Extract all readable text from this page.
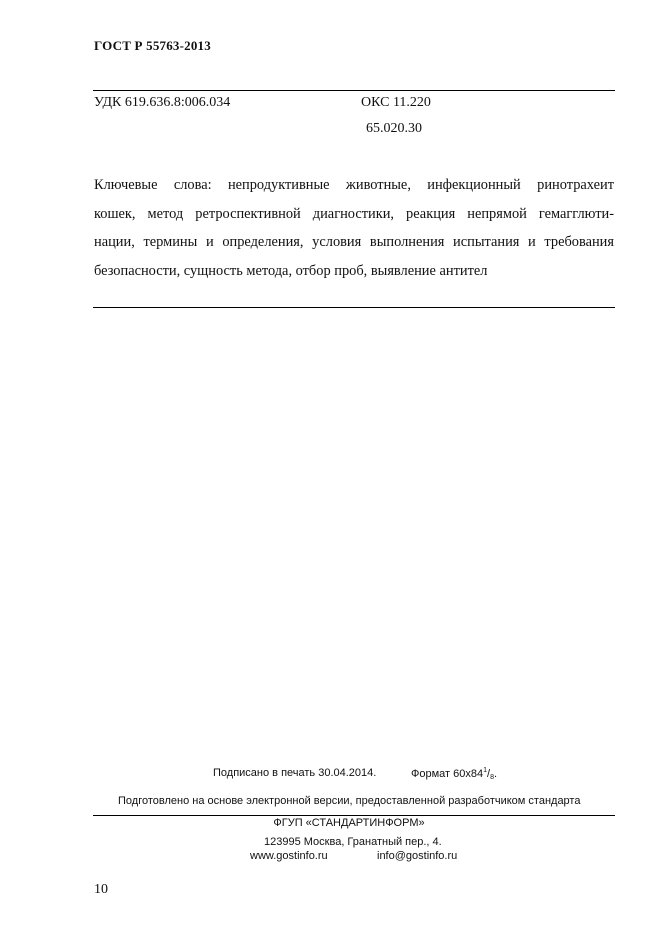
ГОСТ Р 55763-2013
УДК 619.636.8:006.034	ОКС 11.220
65.020.30

Ключевые слова: непродуктивные животные, инфекционный ринотрахеит
кошек, метод ретроспективной диагностики, реакция непрямой гемагглюти-
нации, термины и определения, условия выполнения испытания и требования
безопасности, сущность метода, отбор проб, выявление антител

Подписано в печать 30.04.2014.	Формат $60x84^1/_8$.
Подготовлено на основе электронной версии, предоставленной разработчиком стандарта
ФГУП «СТАНДАРТИНФОРМ»
123995 Москва, Гранатный пер., 4.
www.gostinfo.ru	info@gostinfo.ru
10
